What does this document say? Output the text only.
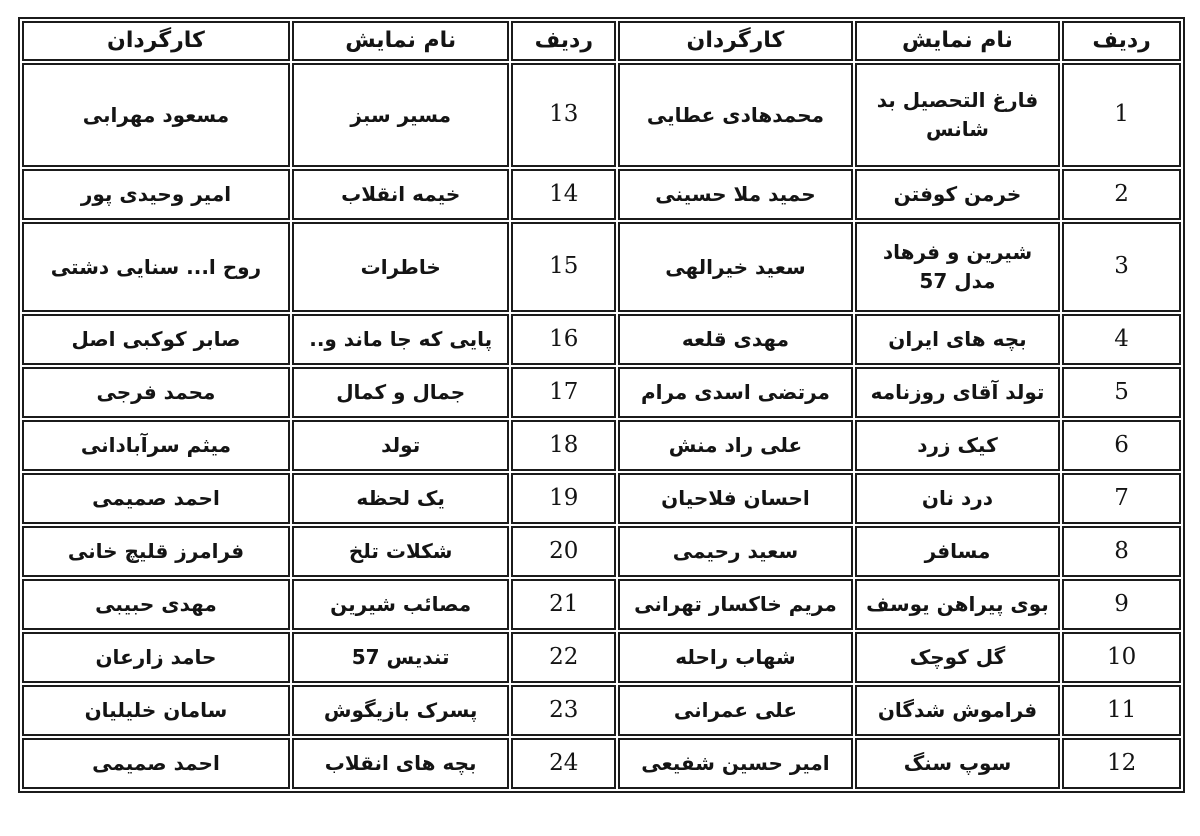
ردیف	نام نمایش	کارگردان	ردیف	نام نمایش	کارگردان
1	فارغ التحصیل بد شانس	محمدهادی عطایی	13	مسیر سبز	مسعود مهرابی
2	خرمن کوفتن	حمید ملا حسینی	14	خیمه انقلاب	امیر وحیدی پور
3	شیرین و فرهاد مدل 57	سعید خیرالهی	15	خاطرات	روح ا... سنایی دشتی
4	بچه های ایران	مهدی قلعه	16	پایی که جا ماند و..	صابر کوکبی اصل
5	تولد آقای روزنامه	مرتضی اسدی مرام	17	جمال و کمال	محمد فرجی
6	کیک زرد	علی راد منش	18	تولد	میثم سرآبادانی
7	درد نان	احسان فلاحیان	19	یک لحظه	احمد صمیمی
8	مسافر	سعید رحیمی	20	شکلات تلخ	فرامرز قلیچ خانی
9	بوی پیراهن یوسف	مریم خاکسار تهرانی	21	مصائب شیرین	مهدی حبیبی
10	گل کوچک	شهاب راحله	22	تندیس 57	حامد زارعان
11	فراموش شدگان	علی عمرانی	23	پسرک بازیگوش	سامان خلیلیان
12	سوپ سنگ	امیر حسین شفیعی	24	بچه های انقلاب	احمد صمیمی
